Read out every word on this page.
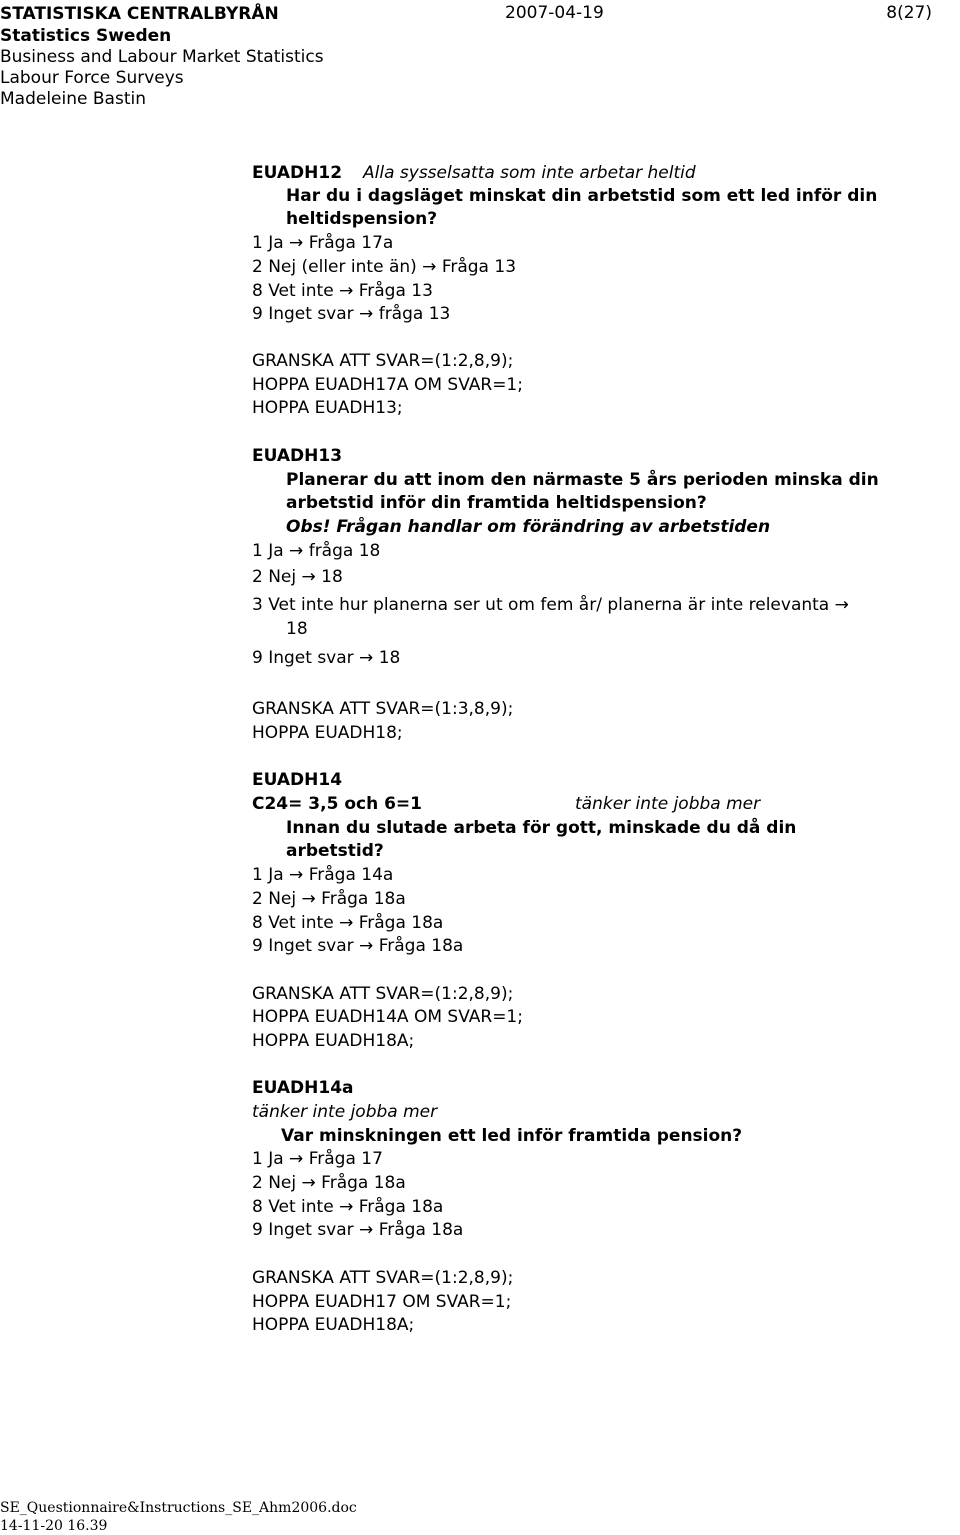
STATISTISKA CENTRALBYRÅN	2007-04-19	8(27)
Statistics Sweden
Business and Labour Market Statistics
Labour Force Surveys
Madeleine Bastin
EUADH12 Alla sysselsatta som inte arbetar heltid
Har du i dagsläget minskat din arbetstid som ett led inför din
heltidspension?
1 Ja → Fråga 17a
2 Nej (eller inte än) → Fråga 13
8 Vet inte → Fråga 13
9 Inget svar → fråga 13
GRANSKA ATT SVAR=(1:2,8,9);
HOPPA EUADH17A OM SVAR=1;
HOPPA EUADH13;
EUADH13
Planerar du att inom den närmaste 5 års perioden minska din
arbetstid inför din framtida heltidspension?
Obs! Frågan handlar om förändring av arbetstiden
1 Ja → fråga 18
2 Nej → 18
3 Vet inte hur planerna ser ut om fem år/ planerna är inte relevanta →
18
9 Inget svar → 18
GRANSKA ATT SVAR=(1:3,8,9);
HOPPA EUADH18;
EUADH14
C24= 3,5 och 6=1	tänker inte jobba mer
Innan du slutade arbeta för gott, minskade du då din
arbetstid?
1 Ja → Fråga 14a
2 Nej → Fråga 18a
8 Vet inte → Fråga 18a
9 Inget svar → Fråga 18a
GRANSKA ATT SVAR=(1:2,8,9);
HOPPA EUADH14A OM SVAR=1;
HOPPA EUADH18A;
EUADH14a
tänker inte jobba mer
Var minskningen ett led inför framtida pension?
1 Ja → Fråga 17
2 Nej → Fråga 18a
8 Vet inte → Fråga 18a
9 Inget svar → Fråga 18a
GRANSKA ATT SVAR=(1:2,8,9);
HOPPA EUADH17 OM SVAR=1;
HOPPA EUADH18A;
SE_Questionnaire&Instructions_SE_Ahm2006.doc
14-11-20 16.39
